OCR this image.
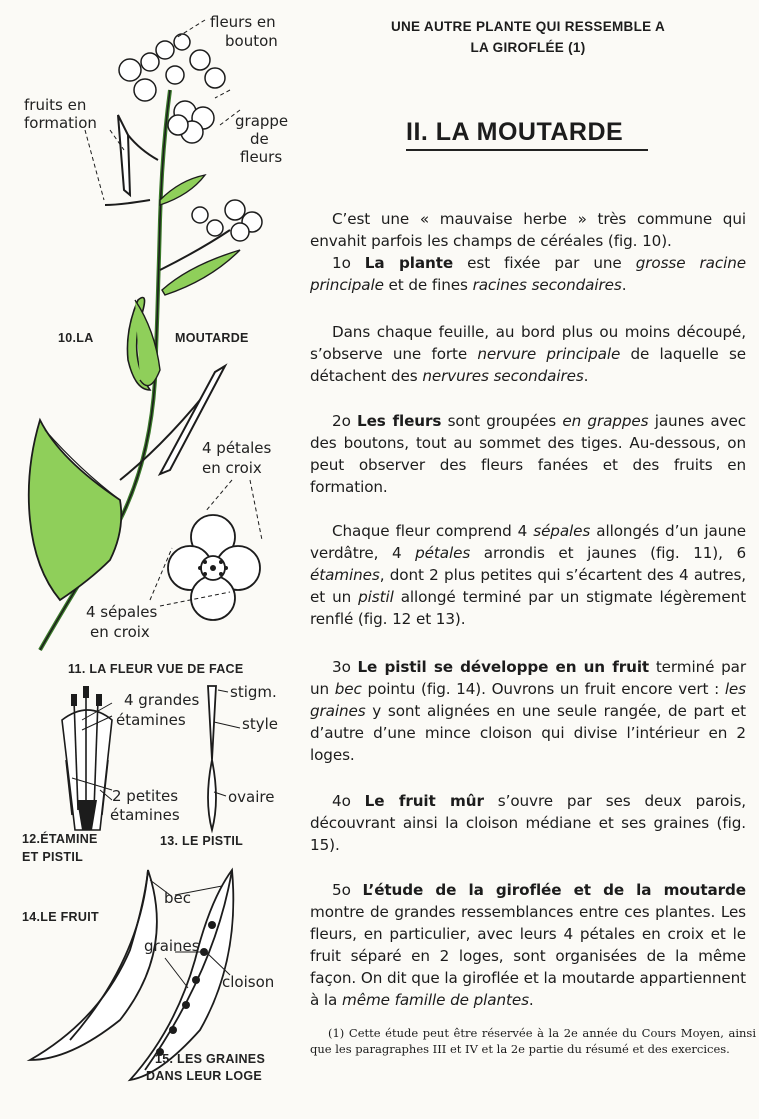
fleurs en
bouton
fruits en
formation	grappe
de
fleurs
10.LA	MOUTARDE
4 pétales
en croix
4 sépales
en croix
11. LA FLEUR VUE DE FACE
4 grandes
étamines
stigm.
style
2 petites
étamines
ovaire
12.ÉTAMINE
ET PISTIL
13. LE PISTIL
bec
14.LE FRUIT
graines
cloison
15. LES GRAINES
DANS LEUR LOGE
UNE AUTRE PLANTE QUI RESSEMBLE A
LA GIROFLÉE (1)
II. LA MOUTARDE
C’est une « mauvaise herbe » très commune qui envahit parfois les champs de céréales (fig. 10).
1o La plante est fixée par une grosse racine principale et de fines racines secondaires.
Dans chaque feuille, au bord plus ou moins découpé, s’observe une forte nervure principale de laquelle se détachent des nervures secondaires.
2o Les fleurs sont groupées en grappes jaunes avec des boutons, tout au sommet des tiges. Au-dessous, on peut observer des fleurs fanées et des fruits en formation.
Chaque fleur comprend 4 sépales allongés d’un jaune verdâtre, 4 pétales arrondis et jaunes (fig. 11), 6 étamines, dont 2 plus petites qui s’écartent des 4 autres, et un pistil allongé terminé par un stigmate légèrement renflé (fig. 12 et 13).
3o Le pistil se développe en un fruit terminé par un bec pointu (fig. 14). Ouvrons un fruit encore vert : les graines y sont alignées en une seule rangée, de part et d’autre d’une mince cloison qui divise l’intérieur en 2 loges.
4o Le fruit mûr s’ouvre par ses deux parois, découvrant ainsi la cloison médiane et ses graines (fig. 15).
5o L’étude de la giroflée et de la moutarde montre de grandes ressemblances entre ces plantes. Les fleurs, en particulier, avec leurs 4 pétales en croix et le fruit séparé en 2 loges, sont organisées de la même façon. On dit que la giroflée et la moutarde appartiennent à la même famille de plantes.
(1) Cette étude peut être réservée à la 2e année du Cours Moyen, ainsi que les paragraphes III et IV et la 2e partie du résumé et des exercices.
